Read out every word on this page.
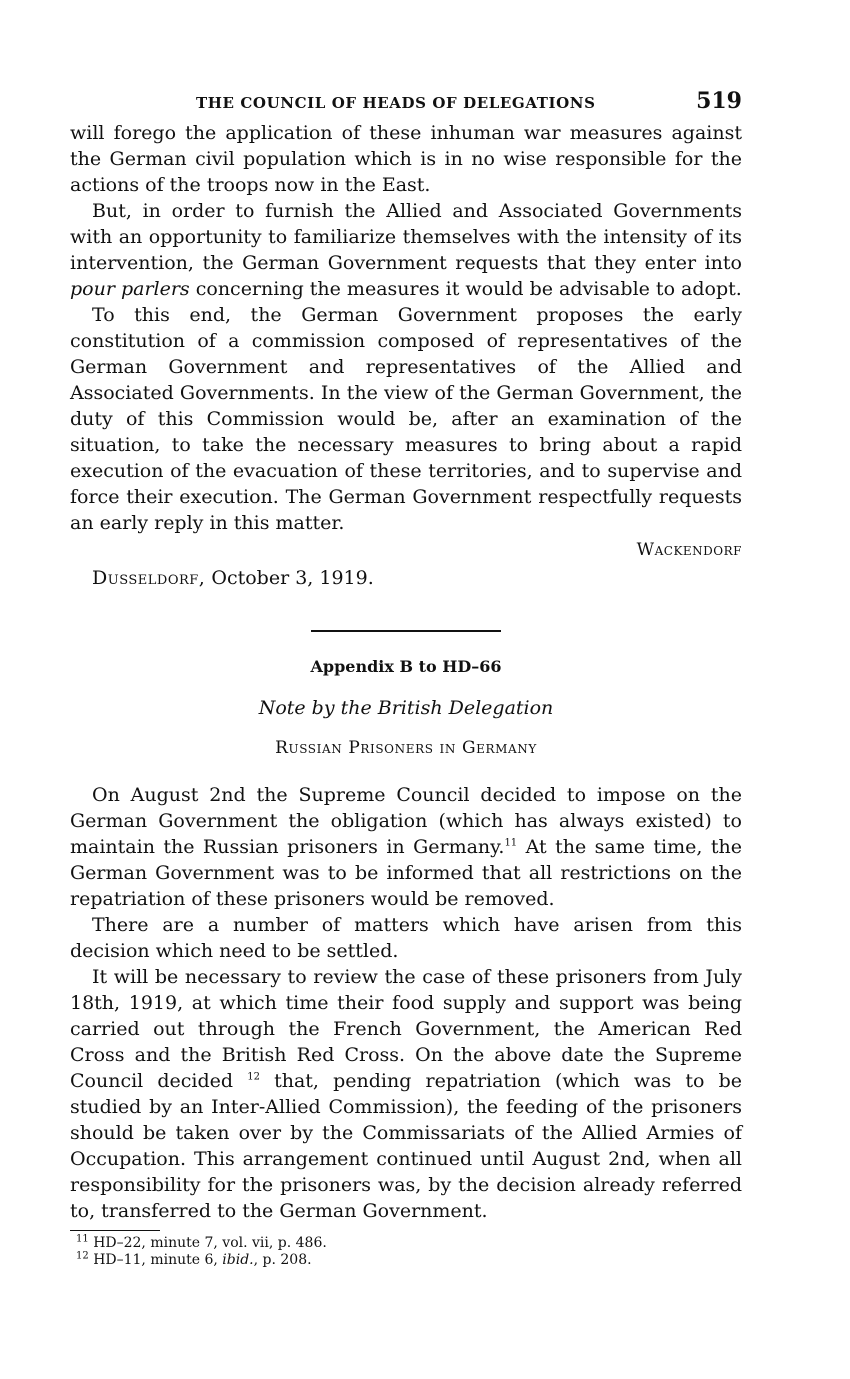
THE COUNCIL OF HEADS OF DELEGATIONS	519

will forego the application of these inhuman war measures against the German civil population which is in no wise responsible for the actions of the troops now in the East.

But, in order to furnish the Allied and Associated Governments with an opportunity to familiarize themselves with the intensity of its intervention, the German Government requests that they enter into pour parlers concerning the measures it would be advisable to adopt.

To this end, the German Government proposes the early constitution of a commission composed of representatives of the German Government and representatives of the Allied and Associated Governments. In the view of the German Government, the duty of this Commission would be, after an examination of the situation, to take the necessary measures to bring about a rapid execution of the evacuation of these territories, and to supervise and force their execution. The German Government respectfully requests an early reply in this matter.

Wackendorf
Dusseldorf, October 3, 1919.
Appendix B to HD–66
Note by the British Delegation
Russian Prisoners in Germany

On August 2nd the Supreme Council decided to impose on the German Government the obligation (which has always existed) to maintain the Russian prisoners in Germany.$^{11}$ At the same time, the German Government was to be informed that all restrictions on the repatriation of these prisoners would be removed.

There are a number of matters which have arisen from this decision which need to be settled.

It will be necessary to review the case of these prisoners from July 18th, 1919, at which time their food supply and support was being carried out through the French Government, the American Red Cross and the British Red Cross. On the above date the Supreme Council decided $^{12}$ that, pending repatriation (which was to be studied by an Inter-Allied Commission), the feeding of the prisoners should be taken over by the Commissariats of the Allied Armies of Occupation. This arrangement continued until August 2nd, when all responsibility for the prisoners was, by the decision already referred to, transferred to the German Government.

$^{11}$ HD–22, minute 7, vol. vii, p. 486.
$^{12}$ HD–11, minute 6, ibid., p. 208.
